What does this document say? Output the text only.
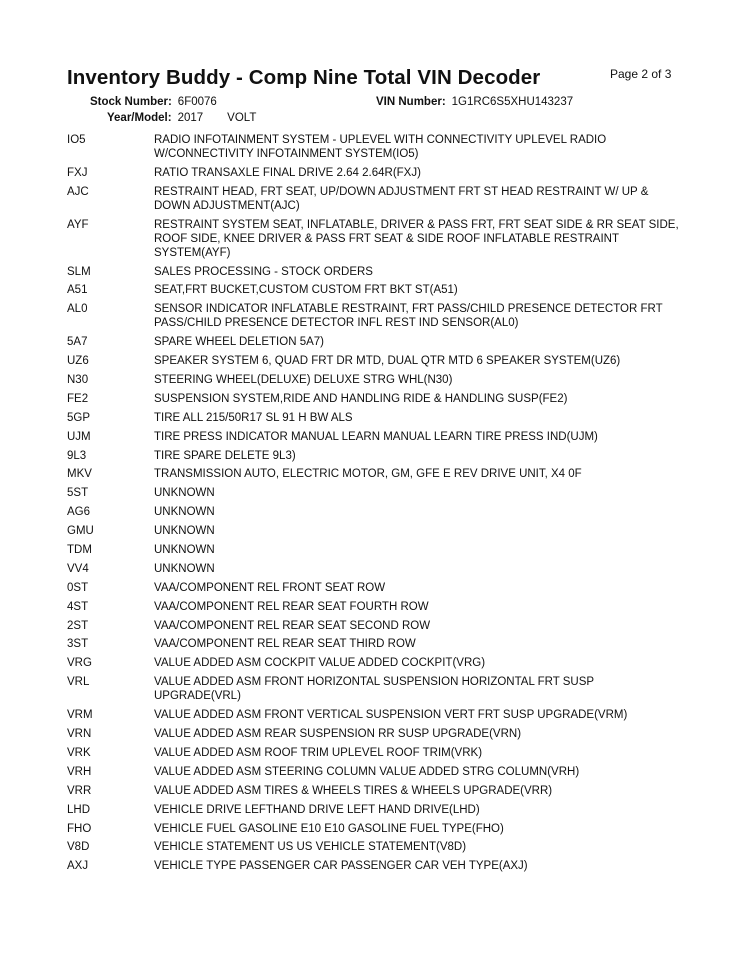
Page 2 of 3
Inventory Buddy - Comp Nine Total VIN Decoder
Stock Number: 6F0076	VIN Number: 1G1RC6S5XHU143237
Year/Model: 2017 VOLT
IO5	RADIO INFOTAINMENT SYSTEM - UPLEVEL WITH CONNECTIVITY UPLEVEL RADIO W/CONNECTIVITY INFOTAINMENT SYSTEM(IO5)
FXJ	RATIO TRANSAXLE FINAL DRIVE 2.64 2.64R(FXJ)
AJC	RESTRAINT HEAD, FRT SEAT, UP/DOWN ADJUSTMENT FRT ST HEAD RESTRAINT W/ UP & DOWN ADJUSTMENT(AJC)
AYF	RESTRAINT SYSTEM SEAT, INFLATABLE, DRIVER & PASS FRT, FRT SEAT SIDE & RR SEAT SIDE, ROOF SIDE, KNEE DRIVER & PASS FRT SEAT & SIDE ROOF INFLATABLE RESTRAINT SYSTEM(AYF)
SLM	SALES PROCESSING - STOCK ORDERS
A51	SEAT,FRT BUCKET,CUSTOM CUSTOM FRT BKT ST(A51)
AL0	SENSOR INDICATOR INFLATABLE RESTRAINT, FRT PASS/CHILD PRESENCE DETECTOR FRT PASS/CHILD PRESENCE DETECTOR INFL REST IND SENSOR(AL0)
5A7	SPARE WHEEL DELETION 5A7)
UZ6	SPEAKER SYSTEM 6, QUAD FRT DR MTD, DUAL QTR MTD 6 SPEAKER SYSTEM(UZ6)
N30	STEERING WHEEL(DELUXE) DELUXE STRG WHL(N30)
FE2	SUSPENSION SYSTEM,RIDE AND HANDLING RIDE & HANDLING SUSP(FE2)
5GP	TIRE ALL 215/50R17 SL 91 H BW ALS
UJM	TIRE PRESS INDICATOR MANUAL LEARN MANUAL LEARN TIRE PRESS IND(UJM)
9L3	TIRE SPARE DELETE 9L3)
MKV	TRANSMISSION AUTO, ELECTRIC MOTOR, GM, GFE E REV DRIVE UNIT, X4 0F
5ST	UNKNOWN
AG6	UNKNOWN
GMU	UNKNOWN
TDM	UNKNOWN
VV4	UNKNOWN
0ST	VAA/COMPONENT REL FRONT SEAT ROW
4ST	VAA/COMPONENT REL REAR SEAT FOURTH ROW
2ST	VAA/COMPONENT REL REAR SEAT SECOND ROW
3ST	VAA/COMPONENT REL REAR SEAT THIRD ROW
VRG	VALUE ADDED ASM COCKPIT VALUE ADDED COCKPIT(VRG)
VRL	VALUE ADDED ASM FRONT HORIZONTAL SUSPENSION HORIZONTAL FRT SUSP UPGRADE(VRL)
VRM	VALUE ADDED ASM FRONT VERTICAL SUSPENSION VERT FRT SUSP UPGRADE(VRM)
VRN	VALUE ADDED ASM REAR SUSPENSION RR SUSP UPGRADE(VRN)
VRK	VALUE ADDED ASM ROOF TRIM UPLEVEL ROOF TRIM(VRK)
VRH	VALUE ADDED ASM STEERING COLUMN VALUE ADDED STRG COLUMN(VRH)
VRR	VALUE ADDED ASM TIRES & WHEELS TIRES & WHEELS UPGRADE(VRR)
LHD	VEHICLE DRIVE LEFTHAND DRIVE LEFT HAND DRIVE(LHD)
FHO	VEHICLE FUEL GASOLINE E10 E10 GASOLINE FUEL TYPE(FHO)
V8D	VEHICLE STATEMENT US US VEHICLE STATEMENT(V8D)
AXJ	VEHICLE TYPE PASSENGER CAR PASSENGER CAR VEH TYPE(AXJ)
